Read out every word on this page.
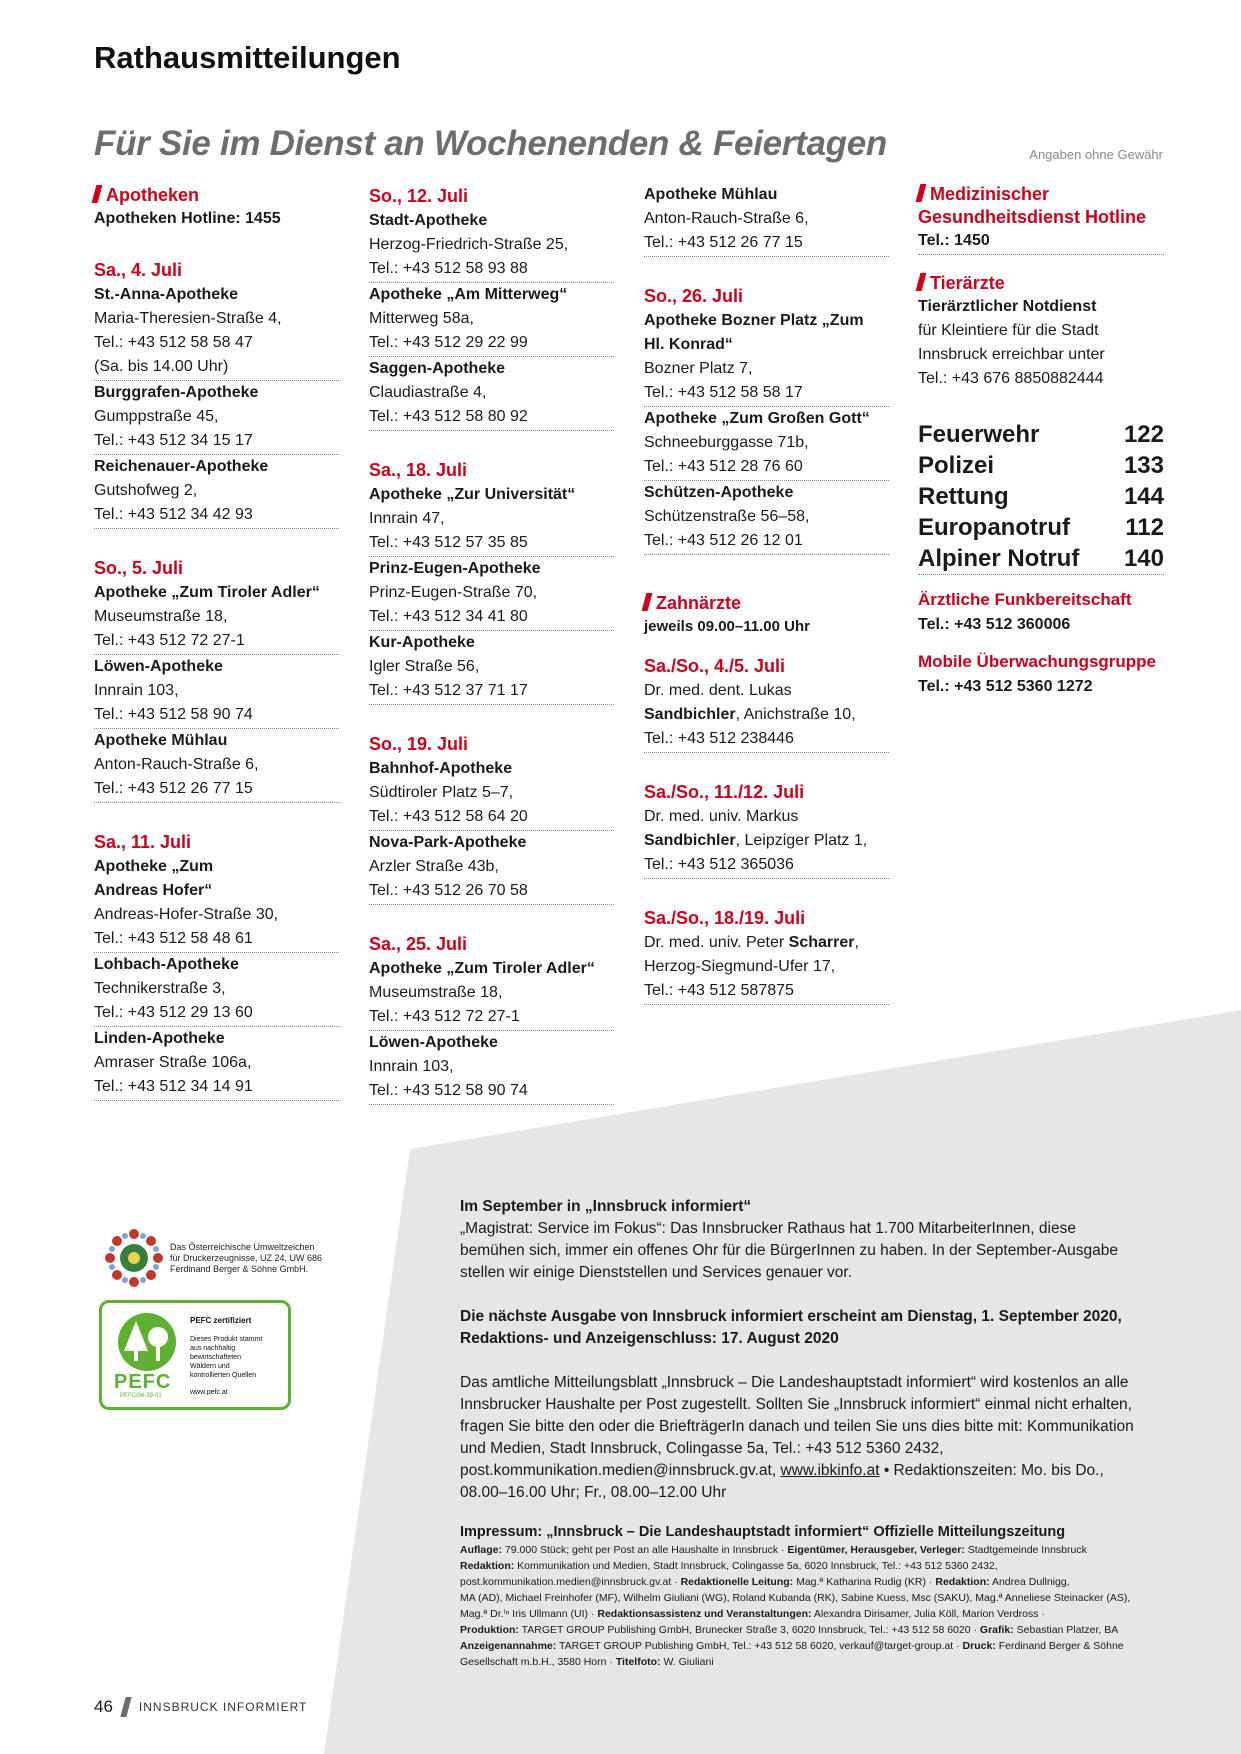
Rathausmitteilungen
Für Sie im Dienst an Wochenenden & Feiertagen	Angaben ohne Gewähr
Apotheken
Apotheken Hotline: 1455
Sa., 4. Juli
St.-Anna-Apotheke
Maria-Theresien-Straße 4,
Tel.: +43 512 58 58 47
(Sa. bis 14.00 Uhr)
Burggrafen-Apotheke
Gumppstraße 45,
Tel.: +43 512 34 15 17
Reichenauer-Apotheke
Gutshofweg 2,
Tel.: +43 512 34 42 93
So., 5. Juli
Apotheke „Zum Tiroler Adler“
Museumstraße 18,
Tel.: +43 512 72 27-1
Löwen-Apotheke
Innrain 103,
Tel.: +43 512 58 90 74
Apotheke Mühlau
Anton-Rauch-Straße 6,
Tel.: +43 512 26 77 15
Sa., 11. Juli
Apotheke „Zum
Andreas Hofer“
Andreas-Hofer-Straße 30,
Tel.: +43 512 58 48 61
Lohbach-Apotheke
Technikerstraße 3,
Tel.: +43 512 29 13 60
Linden-Apotheke
Amraser Straße 106a,
Tel.: +43 512 34 14 91
So., 12. Juli
Stadt-Apotheke
Herzog-Friedrich-Straße 25,
Tel.: +43 512 58 93 88
Apotheke „Am Mitterweg“
Mitterweg 58a,
Tel.: +43 512 29 22 99
Saggen-Apotheke
Claudiastraße 4,
Tel.: +43 512 58 80 92
Sa., 18. Juli
Apotheke „Zur Universität“
Innrain 47,
Tel.: +43 512 57 35 85
Prinz-Eugen-Apotheke
Prinz-Eugen-Straße 70,
Tel.: +43 512 34 41 80
Kur-Apotheke
Igler Straße 56,
Tel.: +43 512 37 71 17
So., 19. Juli
Bahnhof-Apotheke
Südtiroler Platz 5–7,
Tel.: +43 512 58 64 20
Nova-Park-Apotheke
Arzler Straße 43b,
Tel.: +43 512 26 70 58
Sa., 25. Juli
Apotheke „Zum Tiroler Adler“
Museumstraße 18,
Tel.: +43 512 72 27-1
Löwen-Apotheke
Innrain 103,
Tel.: +43 512 58 90 74
Apotheke Mühlau
Anton-Rauch-Straße 6,
Tel.: +43 512 26 77 15
So., 26. Juli
Apotheke Bozner Platz „Zum
Hl. Konrad“
Bozner Platz 7,
Tel.: +43 512 58 58 17
Apotheke „Zum Großen Gott“
Schneeburggasse 71b,
Tel.: +43 512 28 76 60
Schützen-Apotheke
Schützenstraße 56–58,
Tel.: +43 512 26 12 01
Zahnärzte
jeweils 09.00–11.00 Uhr
Sa./So., 4./5. Juli
Dr. med. dent. Lukas
Sandbichler, Anichstraße 10,
Tel.: +43 512 238446
Sa./So., 11./12. Juli
Dr. med. univ. Markus
Sandbichler, Leipziger Platz 1,
Tel.: +43 512 365036
Sa./So., 18./19. Juli
Dr. med. univ. Peter Scharrer,
Herzog-Siegmund-Ufer 17,
Tel.: +43 512 587875
Medizinischer
Gesundheitsdienst Hotline
Tel.: 1450
Tierärzte
Tierärztlicher Notdienst
für Kleintiere für die Stadt
Innsbruck erreichbar unter
Tel.: +43 676 8850882444
Feuerwehr	122
Polizei	133
Rettung	144
Europanotruf 112
Alpiner Notruf 140
Ärztliche Funkbereitschaft
Tel.: +43 512 360006
Mobile Überwachungsgruppe
Tel.: +43 512 5360 1272
Das Österreichische Umweltzeichen
für Druckerzeugnisse, UZ 24, UW 686
Ferdinand Berger & Söhne GmbH.
PEFC
PEFC/06-39-01
PEFC zertifiziert
Dieses Produkt stammt
aus nachhaltig
bewirtschafteten
Wäldern und
kontrollierten Quellen
www.pefc.at

Im September in „Innsbruck informiert“
„Magistrat: Service im Fokus“: Das Innsbrucker Rathaus hat 1.700 MitarbeiterInnen, diese bemühen sich, immer ein offenes Ohr für die BürgerInnen zu haben. In der September-Ausgabe stellen wir einige Dienststellen und Services genauer vor.

Die nächste Ausgabe von Innsbruck informiert erscheint am Dienstag, 1. September 2020, Redaktions- und Anzeigenschluss: 17. August 2020

Das amtliche Mitteilungsblatt „Innsbruck – Die Landeshauptstadt informiert“ wird kostenlos an alle Innsbrucker Haushalte per Post zugestellt. Sollten Sie „Innsbruck informiert“ einmal nicht erhalten, fragen Sie bitte den oder die BriefträgerIn danach und teilen Sie uns dies bitte mit: Kommunikation und Medien, Stadt Innsbruck, Colingasse 5a, Tel.: +43 512 5360 2432, post.kommunikation.medien@innsbruck.gv.at, www.ibkinfo.at • Redaktionszeiten: Mo. bis Do., 08.00–16.00 Uhr; Fr., 08.00–12.00 Uhr

Impressum: „Innsbruck – Die Landeshauptstadt informiert“ Offizielle Mitteilungszeitung
Auflage: 79.000 Stück; geht per Post an alle Haushalte in Innsbruck · Eigentümer, Herausgeber, Verleger: Stadtgemeinde Innsbruck
Redaktion: Kommunikation und Medien, Stadt Innsbruck, Colingasse 5a, 6020 Innsbruck, Tel.: +43 512 5360 2432,
post.kommunikation.medien@innsbruck.gv.at · Redaktionelle Leitung: Mag.ª Katharina Rudig (KR) · Redaktion: Andrea Dullnigg,
MA (AD), Michael Freinhofer (MF), Wilhelm Giuliani (WG), Roland Kubanda (RK), Sabine Kuess, Msc (SAKU), Mag.ª Anneliese Steinacker (AS),
Mag.ª Dr.ⁱⁿ Iris Ullmann (UI) · Redaktionsassistenz und Veranstaltungen: Alexandra Dirisamer, Julia Köll, Marion Verdross ·
Produktion: TARGET GROUP Publishing GmbH, Brunecker Straße 3, 6020 Innsbruck, Tel.: +43 512 58 6020 · Grafik: Sebastian Platzer, BA
Anzeigenannahme: TARGET GROUP Publishing GmbH, Tel.: +43 512 58 6020, verkauf@target-group.at · Druck: Ferdinand Berger & Söhne
Gesellschaft m.b.H., 3580 Horn · Titelfoto: W. Giuliani
46 INNSBRUCK INFORMIERT
